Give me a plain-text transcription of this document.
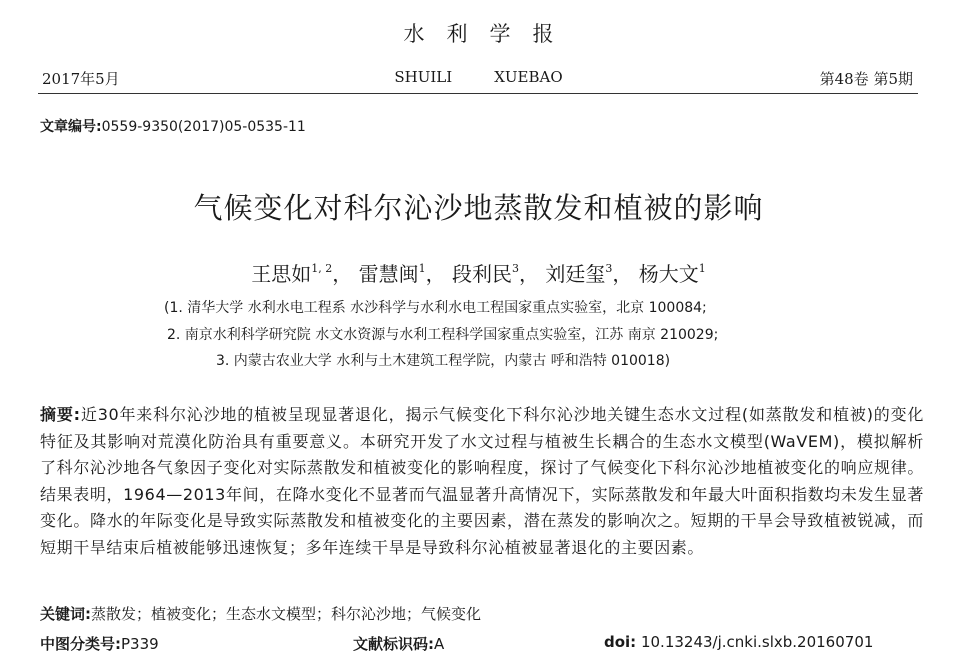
水利学报
2017年5月	SHUILI	XUEBAO	第48卷 第5期
文章编号:0559-9350(2017)05-0535-11
气候变化对科尔沁沙地蒸散发和植被的影响
王思如$^{1, 2}$， 雷慧闽$^1$， 段利民$^3$， 刘廷玺$^3$， 杨大文$^1$
(1. 清华大学 水利水电工程系 水沙科学与水利水电工程国家重点实验室，北京 100084;
2. 南京水利科学研究院 水文水资源与水利工程科学国家重点实验室，江苏 南京 210029;
3. 内蒙古农业大学 水利与土木建筑工程学院，内蒙古 呼和浩特 010018)
摘要:近30年来科尔沁沙地的植被呈现显著退化，揭示气候变化下科尔沁沙地关键生态水文过程(如蒸散发和植被)的变化特征及其影响对荒漠化防治具有重要意义。本研究开发了水文过程与植被生长耦合的生态水文模型(WaVEM)，模拟解析了科尔沁沙地各气象因子变化对实际蒸散发和植被变化的影响程度，探讨了气候变化下科尔沁沙地植被变化的响应规律。结果表明，1964—2013年间，在降水变化不显著而气温显著升高情况下，实际蒸散发和年最大叶面积指数均未发生显著变化。降水的年际变化是导致实际蒸散发和植被变化的主要因素，潜在蒸发的影响次之。短期的干旱会导致植被锐减，而短期干旱结束后植被能够迅速恢复；多年连续干旱是导致科尔沁植被显著退化的主要因素。
关键词:蒸散发；植被变化；生态水文模型；科尔沁沙地；气候变化
中图分类号:P339	文献标识码:A	doi: 10.13243/j.cnki.slxb.20160701
